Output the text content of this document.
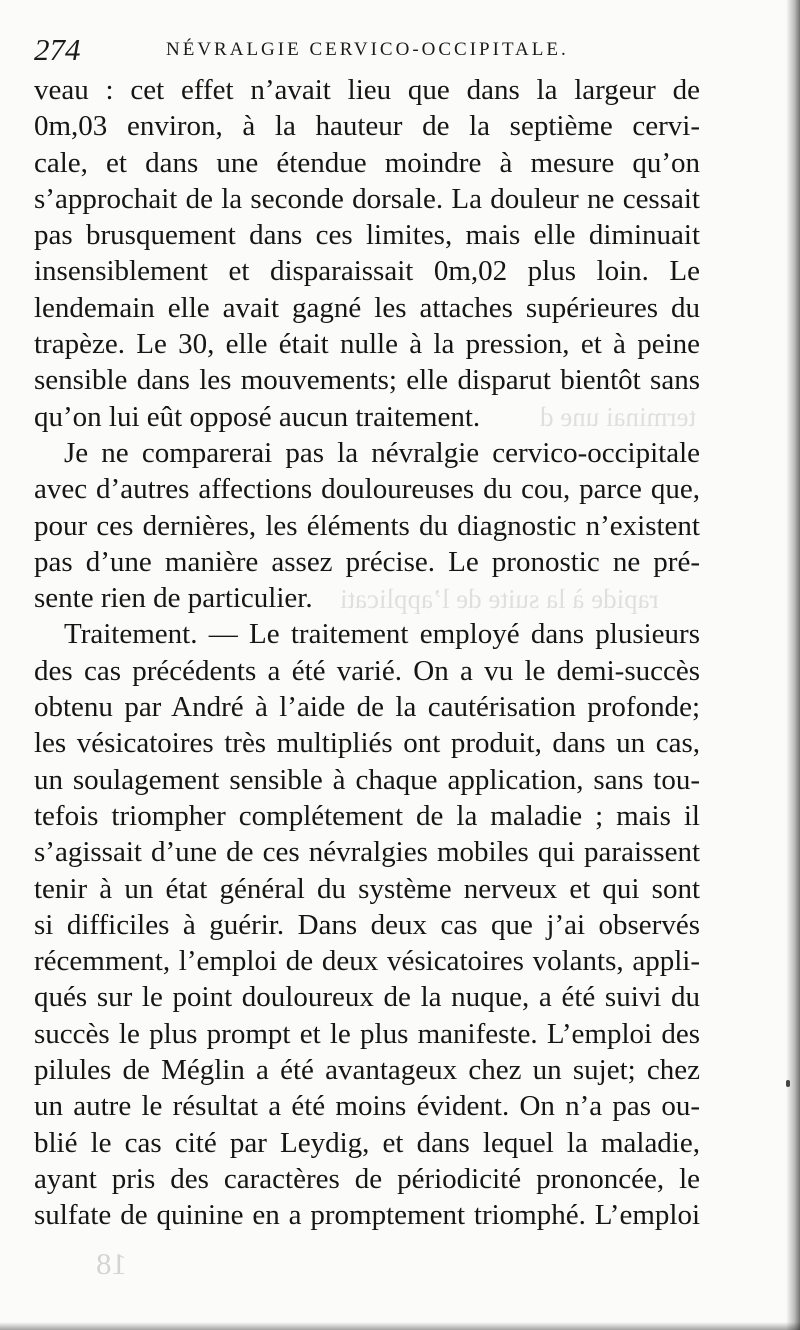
terminai une d
rapide à la suite de l’applicati
18
274	NÉVRALGIE CERVICO-OCCIPITALE.
veau : cet effet n’avait lieu que dans la largeur de
0m,03 environ, à la hauteur de la septième cervi-
cale, et dans une étendue moindre à mesure qu’on
s’approchait de la seconde dorsale. La douleur ne cessait
pas brusquement dans ces limites, mais elle diminuait
insensiblement et disparaissait 0m,02 plus loin. Le
lendemain elle avait gagné les attaches supérieures du
trapèze. Le 30, elle était nulle à la pression, et à peine
sensible dans les mouvements; elle disparut bientôt sans
qu’on lui eût opposé aucun traitement.
Je ne comparerai pas la névralgie cervico-occipitale
avec d’autres affections douloureuses du cou, parce que,
pour ces dernières, les éléments du diagnostic n’existent
pas d’une manière assez précise. Le pronostic ne pré-
sente rien de particulier.
Traitement. — Le traitement employé dans plusieurs
des cas précédents a été varié. On a vu le demi-succès
obtenu par André à l’aide de la cautérisation profonde;
les vésicatoires très multipliés ont produit, dans un cas,
un soulagement sensible à chaque application, sans tou-
tefois triompher complétement de la maladie ; mais il
s’agissait d’une de ces névralgies mobiles qui paraissent
tenir à un état général du système nerveux et qui sont
si difficiles à guérir. Dans deux cas que j’ai observés
récemment, l’emploi de deux vésicatoires volants, appli-
qués sur le point douloureux de la nuque, a été suivi du
succès le plus prompt et le plus manifeste. L’emploi des
pilules de Méglin a été avantageux chez un sujet; chez
un autre le résultat a été moins évident. On n’a pas ou-
blié le cas cité par Leydig, et dans lequel la maladie,
ayant pris des caractères de périodicité prononcée, le
sulfate de quinine en a promptement triomphé. L’emploi
